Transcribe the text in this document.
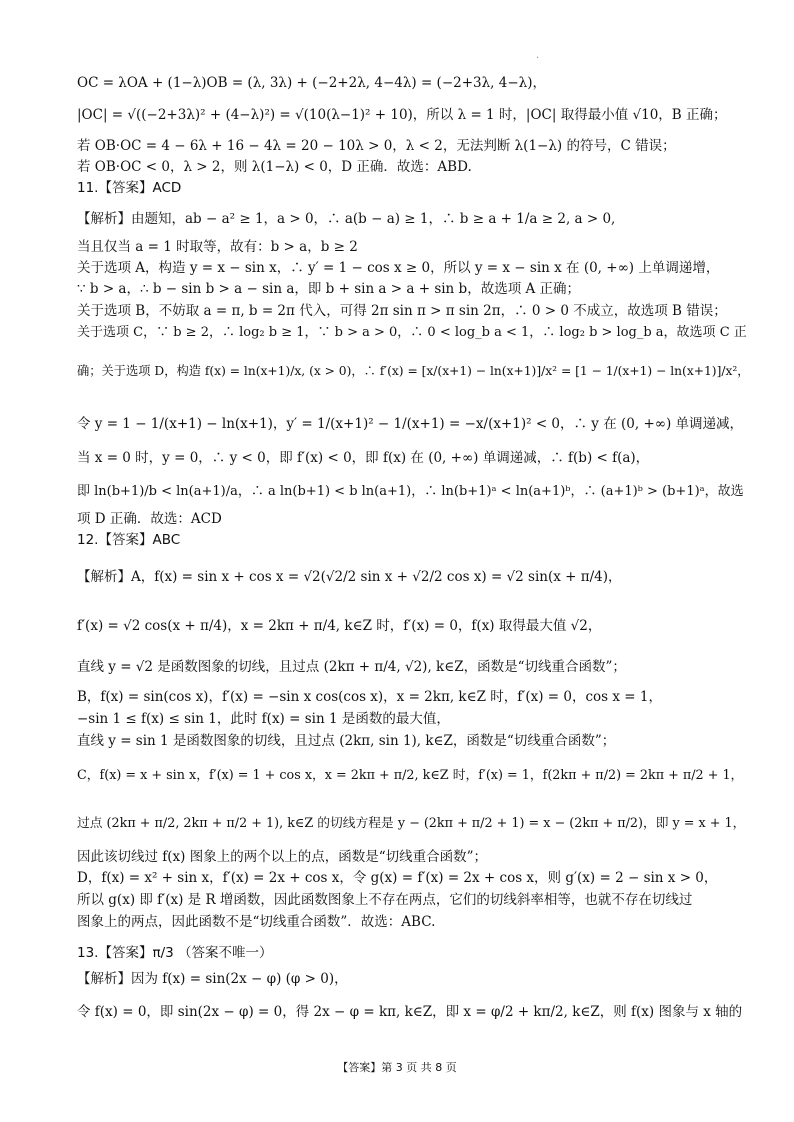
.
OC = λOA + (1−λ)OB = (λ, 3λ) + (−2+2λ, 4−4λ) = (−2+3λ, 4−λ)，
|OC| = √((−2+3λ)² + (4−λ)²) = √(10(λ−1)² + 10)，所以 λ = 1 时，|OC| 取得最小值 √10，B 正确；
若 OB·OC = 4 − 6λ + 16 − 4λ = 20 − 10λ > 0，λ < 2，无法判断 λ(1−λ) 的符号，C 错误；
若 OB·OC < 0，λ > 2，则 λ(1−λ) < 0，D 正确．故选：ABD.
11.【答案】ACD
【解析】由题知，ab − a² ≥ 1，a > 0，∴ a(b − a) ≥ 1，∴ b ≥ a + 1/a ≥ 2, a > 0,
当且仅当 a = 1 时取等，故有：b > a，b ≥ 2
关于选项 A，构造 y = x − sin x，∴ y′ = 1 − cos x ≥ 0，所以 y = x − sin x 在 (0, +∞) 上单调递增，
∵ b > a，∴ b − sin b > a − sin a，即 b + sin a > a + sin b，故选项 A 正确；
关于选项 B，不妨取 a = π, b = 2π 代入，可得 2π sin π > π sin 2π，∴ 0 > 0 不成立，故选项 B 错误；
关于选项 C，∵ b ≥ 2，∴ log₂ b ≥ 1，∵ b > a > 0，∴ 0 < log_b a < 1，∴ log₂ b > log_b a，故选项 C 正
确；关于选项 D，构造 f(x) = ln(x+1)/x, (x > 0)，∴ f′(x) = [x/(x+1) − ln(x+1)]/x² = [1 − 1/(x+1) − ln(x+1)]/x²，
令 y = 1 − 1/(x+1) − ln(x+1)，y′ = 1/(x+1)² − 1/(x+1) = −x/(x+1)² < 0，∴ y 在 (0, +∞) 单调递减，
当 x = 0 时，y = 0，∴ y < 0，即 f′(x) < 0，即 f(x) 在 (0, +∞) 单调递减，∴ f(b) < f(a)，
即 ln(b+1)/b < ln(a+1)/a，∴ a ln(b+1) < b ln(a+1)，∴ ln(b+1)ᵃ < ln(a+1)ᵇ，∴ (a+1)ᵇ > (b+1)ᵃ，故选
项 D 正确．故选：ACD
12.【答案】ABC
【解析】A，f(x) = sin x + cos x = √2(√2/2 sin x + √2/2 cos x) = √2 sin(x + π/4)，
f′(x) = √2 cos(x + π/4)，x = 2kπ + π/4, k∈Z 时，f′(x) = 0，f(x) 取得最大值 √2，
直线 y = √2 是函数图象的切线，且过点 (2kπ + π/4, √2), k∈Z，函数是“切线重合函数”；
B，f(x) = sin(cos x)，f′(x) = −sin x cos(cos x)，x = 2kπ, k∈Z 时，f′(x) = 0，cos x = 1，
−sin 1 ≤ f(x) ≤ sin 1，此时 f(x) = sin 1 是函数的最大值，
直线 y = sin 1 是函数图象的切线，且过点 (2kπ, sin 1), k∈Z，函数是“切线重合函数”；
C，f(x) = x + sin x，f′(x) = 1 + cos x，x = 2kπ + π/2, k∈Z 时，f′(x) = 1，f(2kπ + π/2) = 2kπ + π/2 + 1，
过点 (2kπ + π/2, 2kπ + π/2 + 1), k∈Z 的切线方程是 y − (2kπ + π/2 + 1) = x − (2kπ + π/2)，即 y = x + 1，
因此该切线过 f(x) 图象上的两个以上的点，函数是“切线重合函数”；
D，f(x) = x² + sin x，f′(x) = 2x + cos x，令 g(x) = f′(x) = 2x + cos x，则 g′(x) = 2 − sin x > 0，
所以 g(x) 即 f′(x) 是 R 增函数，因此函数图象上不存在两点，它们的切线斜率相等，也就不存在切线过
图象上的两点，因此函数不是“切线重合函数”．故选：ABC.
13.【答案】π/3 （答案不唯一）
【解析】因为 f(x) = sin(2x − φ) (φ > 0)，
令 f(x) = 0，即 sin(2x − φ) = 0，得 2x − φ = kπ, k∈Z，即 x = φ/2 + kπ/2, k∈Z，则 f(x) 图象与 x 轴的
【答案】第 3 页 共 8 页
